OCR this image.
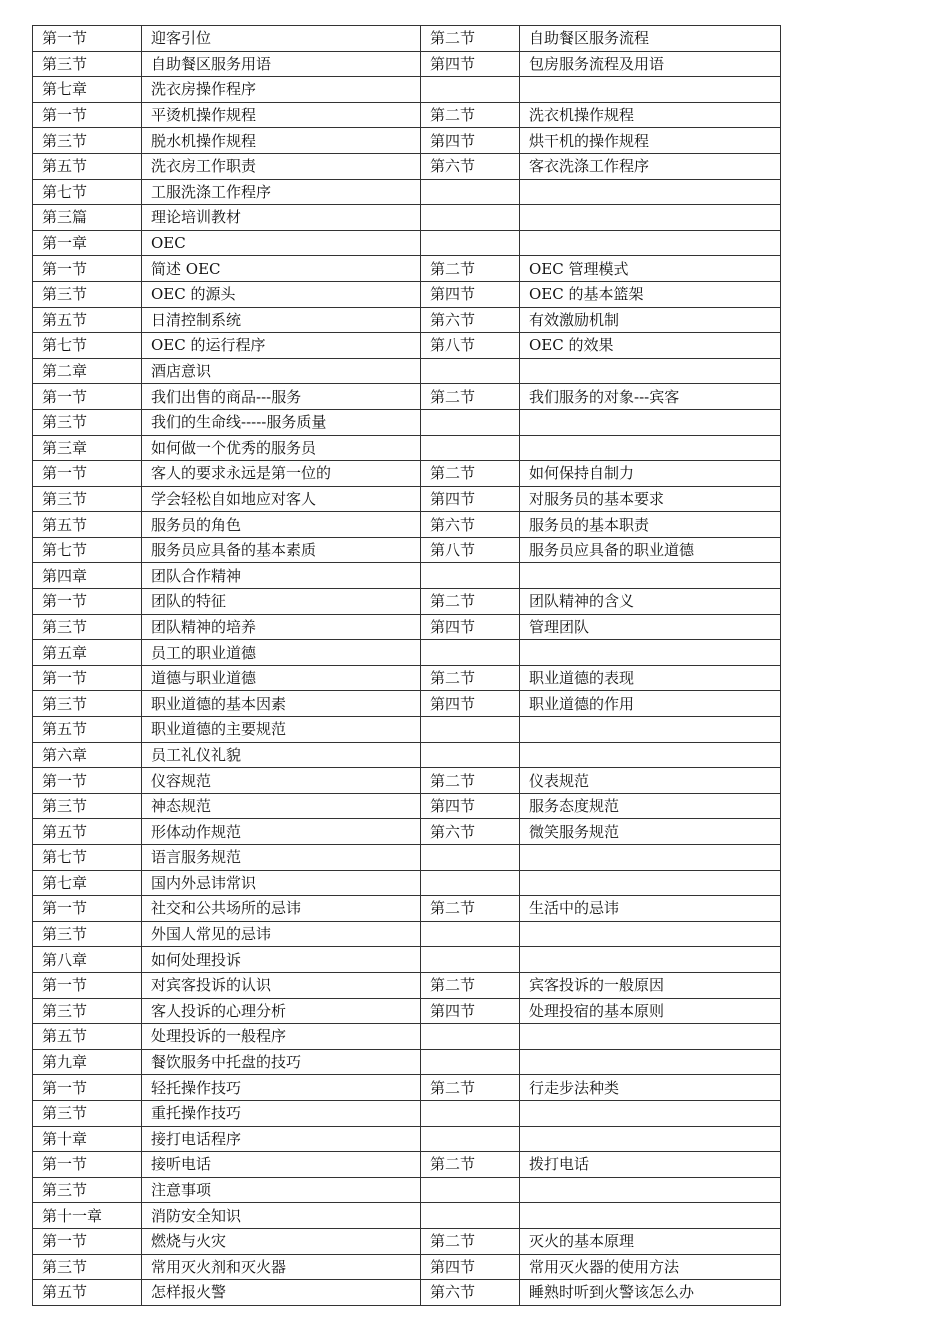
第一节	迎客引位	第二节	自助餐区服务流程
第三节	自助餐区服务用语	第四节	包房服务流程及用语
第七章	洗衣房操作程序		
第一节	平烫机操作规程	第二节	洗衣机操作规程
第三节	脱水机操作规程	第四节	烘干机的操作规程
第五节	洗衣房工作职责	第六节	客衣洗涤工作程序
第七节	工服洗涤工作程序		
第三篇	理论培训教材		
第一章	OEC		
第一节	简述 OEC	第二节	OEC 管理模式
第三节	OEC 的源头	第四节	OEC 的基本篮架
第五节	日清控制系统	第六节	有效激励机制
第七节	OEC 的运行程序	第八节	OEC 的效果
第二章	酒店意识		
第一节	我们出售的商品---服务	第二节	我们服务的对象---宾客
第三节	我们的生命线-----服务质量		
第三章	如何做一个优秀的服务员		
第一节	客人的要求永远是第一位的	第二节	如何保持自制力
第三节	学会轻松自如地应对客人	第四节	对服务员的基本要求
第五节	服务员的角色	第六节	服务员的基本职责
第七节	服务员应具备的基本素质	第八节	服务员应具备的职业道德
第四章	团队合作精神		
第一节	团队的特征	第二节	团队精神的含义
第三节	团队精神的培养	第四节	管理团队
第五章	员工的职业道德		
第一节	道德与职业道德	第二节	职业道德的表现
第三节	职业道德的基本因素	第四节	职业道德的作用
第五节	职业道德的主要规范		
第六章	员工礼仪礼貌		
第一节	仪容规范	第二节	仪表规范
第三节	神态规范	第四节	服务态度规范
第五节	形体动作规范	第六节	微笑服务规范
第七节	语言服务规范		
第七章	国内外忌讳常识		
第一节	社交和公共场所的忌讳	第二节	生活中的忌讳
第三节	外国人常见的忌讳		
第八章	如何处理投诉		
第一节	对宾客投诉的认识	第二节	宾客投诉的一般原因
第三节	客人投诉的心理分析	第四节	处理投宿的基本原则
第五节	处理投诉的一般程序		
第九章	餐饮服务中托盘的技巧		
第一节	轻托操作技巧	第二节	行走步法种类
第三节	重托操作技巧		
第十章	接打电话程序		
第一节	接听电话	第二节	拨打电话
第三节	注意事项		
第十一章	消防安全知识		
第一节	燃烧与火灾	第二节	灭火的基本原理
第三节	常用灭火剂和灭火器	第四节	常用灭火器的使用方法
第五节	怎样报火警	第六节	睡熟时听到火警该怎么办
